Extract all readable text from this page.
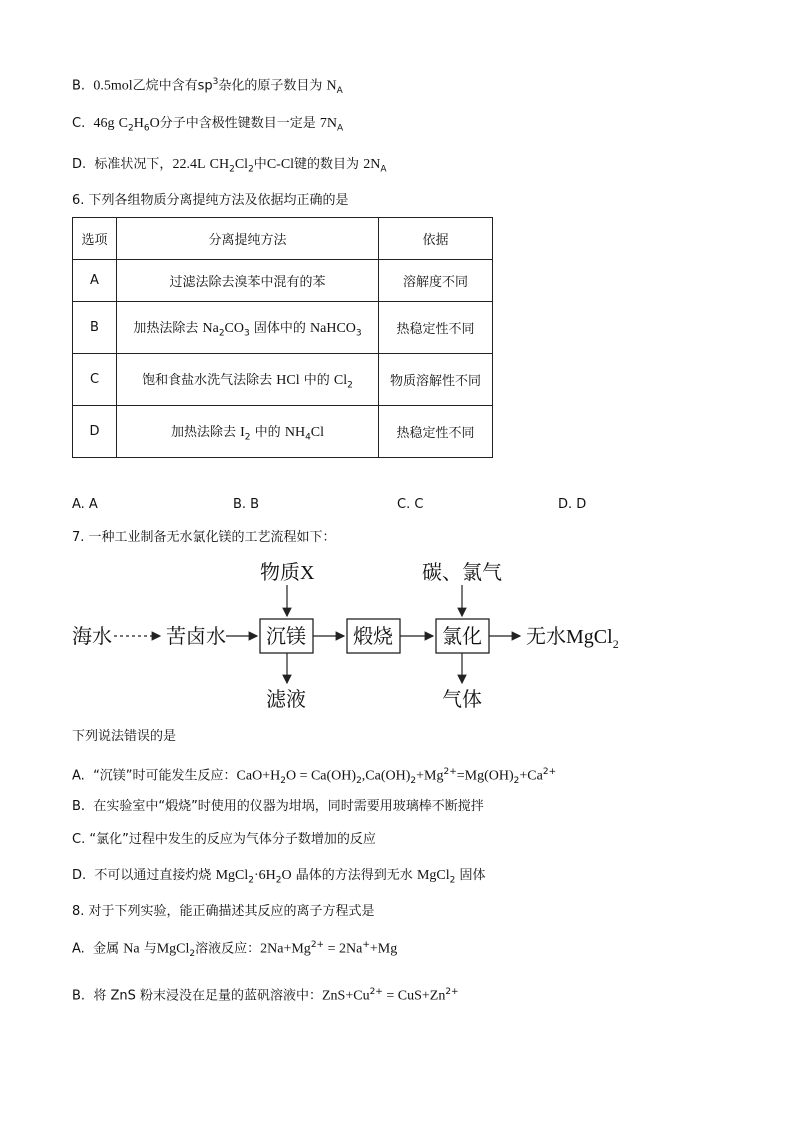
B. 0.5mol乙烷中含有$sp^3$杂化的原子数目为 $N_A$
C. 46g $C_2H_6O$分子中含极性键数目一定是 $7N_A$
D. 标准状况下，22.4L $CH_2Cl_2$中C-Cl键的数目为 $2N_A$
6. 下列各组物质分离提纯方法及依据均正确的是
选项	分离提纯方法	依据
A	过滤法除去溴苯中混有的苯	溶解度不同
B	加热法除去 $Na_2CO_3$ 固体中的 NaHCO$_3$	热稳定性不同
C	饱和食盐水洗气法除去 HCl 中的 $Cl_2$	物质溶解性不同
D	加热法除去 $I_2$ 中的 $NH_4Cl$	热稳定性不同
A. A	B. B	C. C	D. D
7. 一种工业制备无水氯化镁的工艺流程如下：
物质X	碳、氯气
海水	苦卤水 沉镁 煅烧 氯化 无水MgCl$_2$
滤液	气体
下列说法错误的是
A. “沉镁”时可能发生反应：$CaO+H_2O = Ca(OH)_2,Ca(OH)_2+Mg^{2+}=Mg(OH)_2+Ca^{2+}$
B. 在实验室中“煅烧”时使用的仪器为坩埚，同时需要用玻璃棒不断搅拌
C. “氯化”过程中发生的反应为气体分子数增加的反应
D. 不可以通过直接灼烧 $MgCl_2\cdot 6H_2O$ 晶体的方法得到无水 MgCl$_2$ 固体
8. 对于下列实验，能正确描述其反应的离子方程式是
A. 金属 Na 与MgCl$_2$溶液反应：$2Na+Mg^{2+} = 2Na^++Mg$
B. 将 ZnS 粉末浸没在足量的蓝矾溶液中：$ZnS+Cu^{2+} = CuS+Zn^{2+}$
